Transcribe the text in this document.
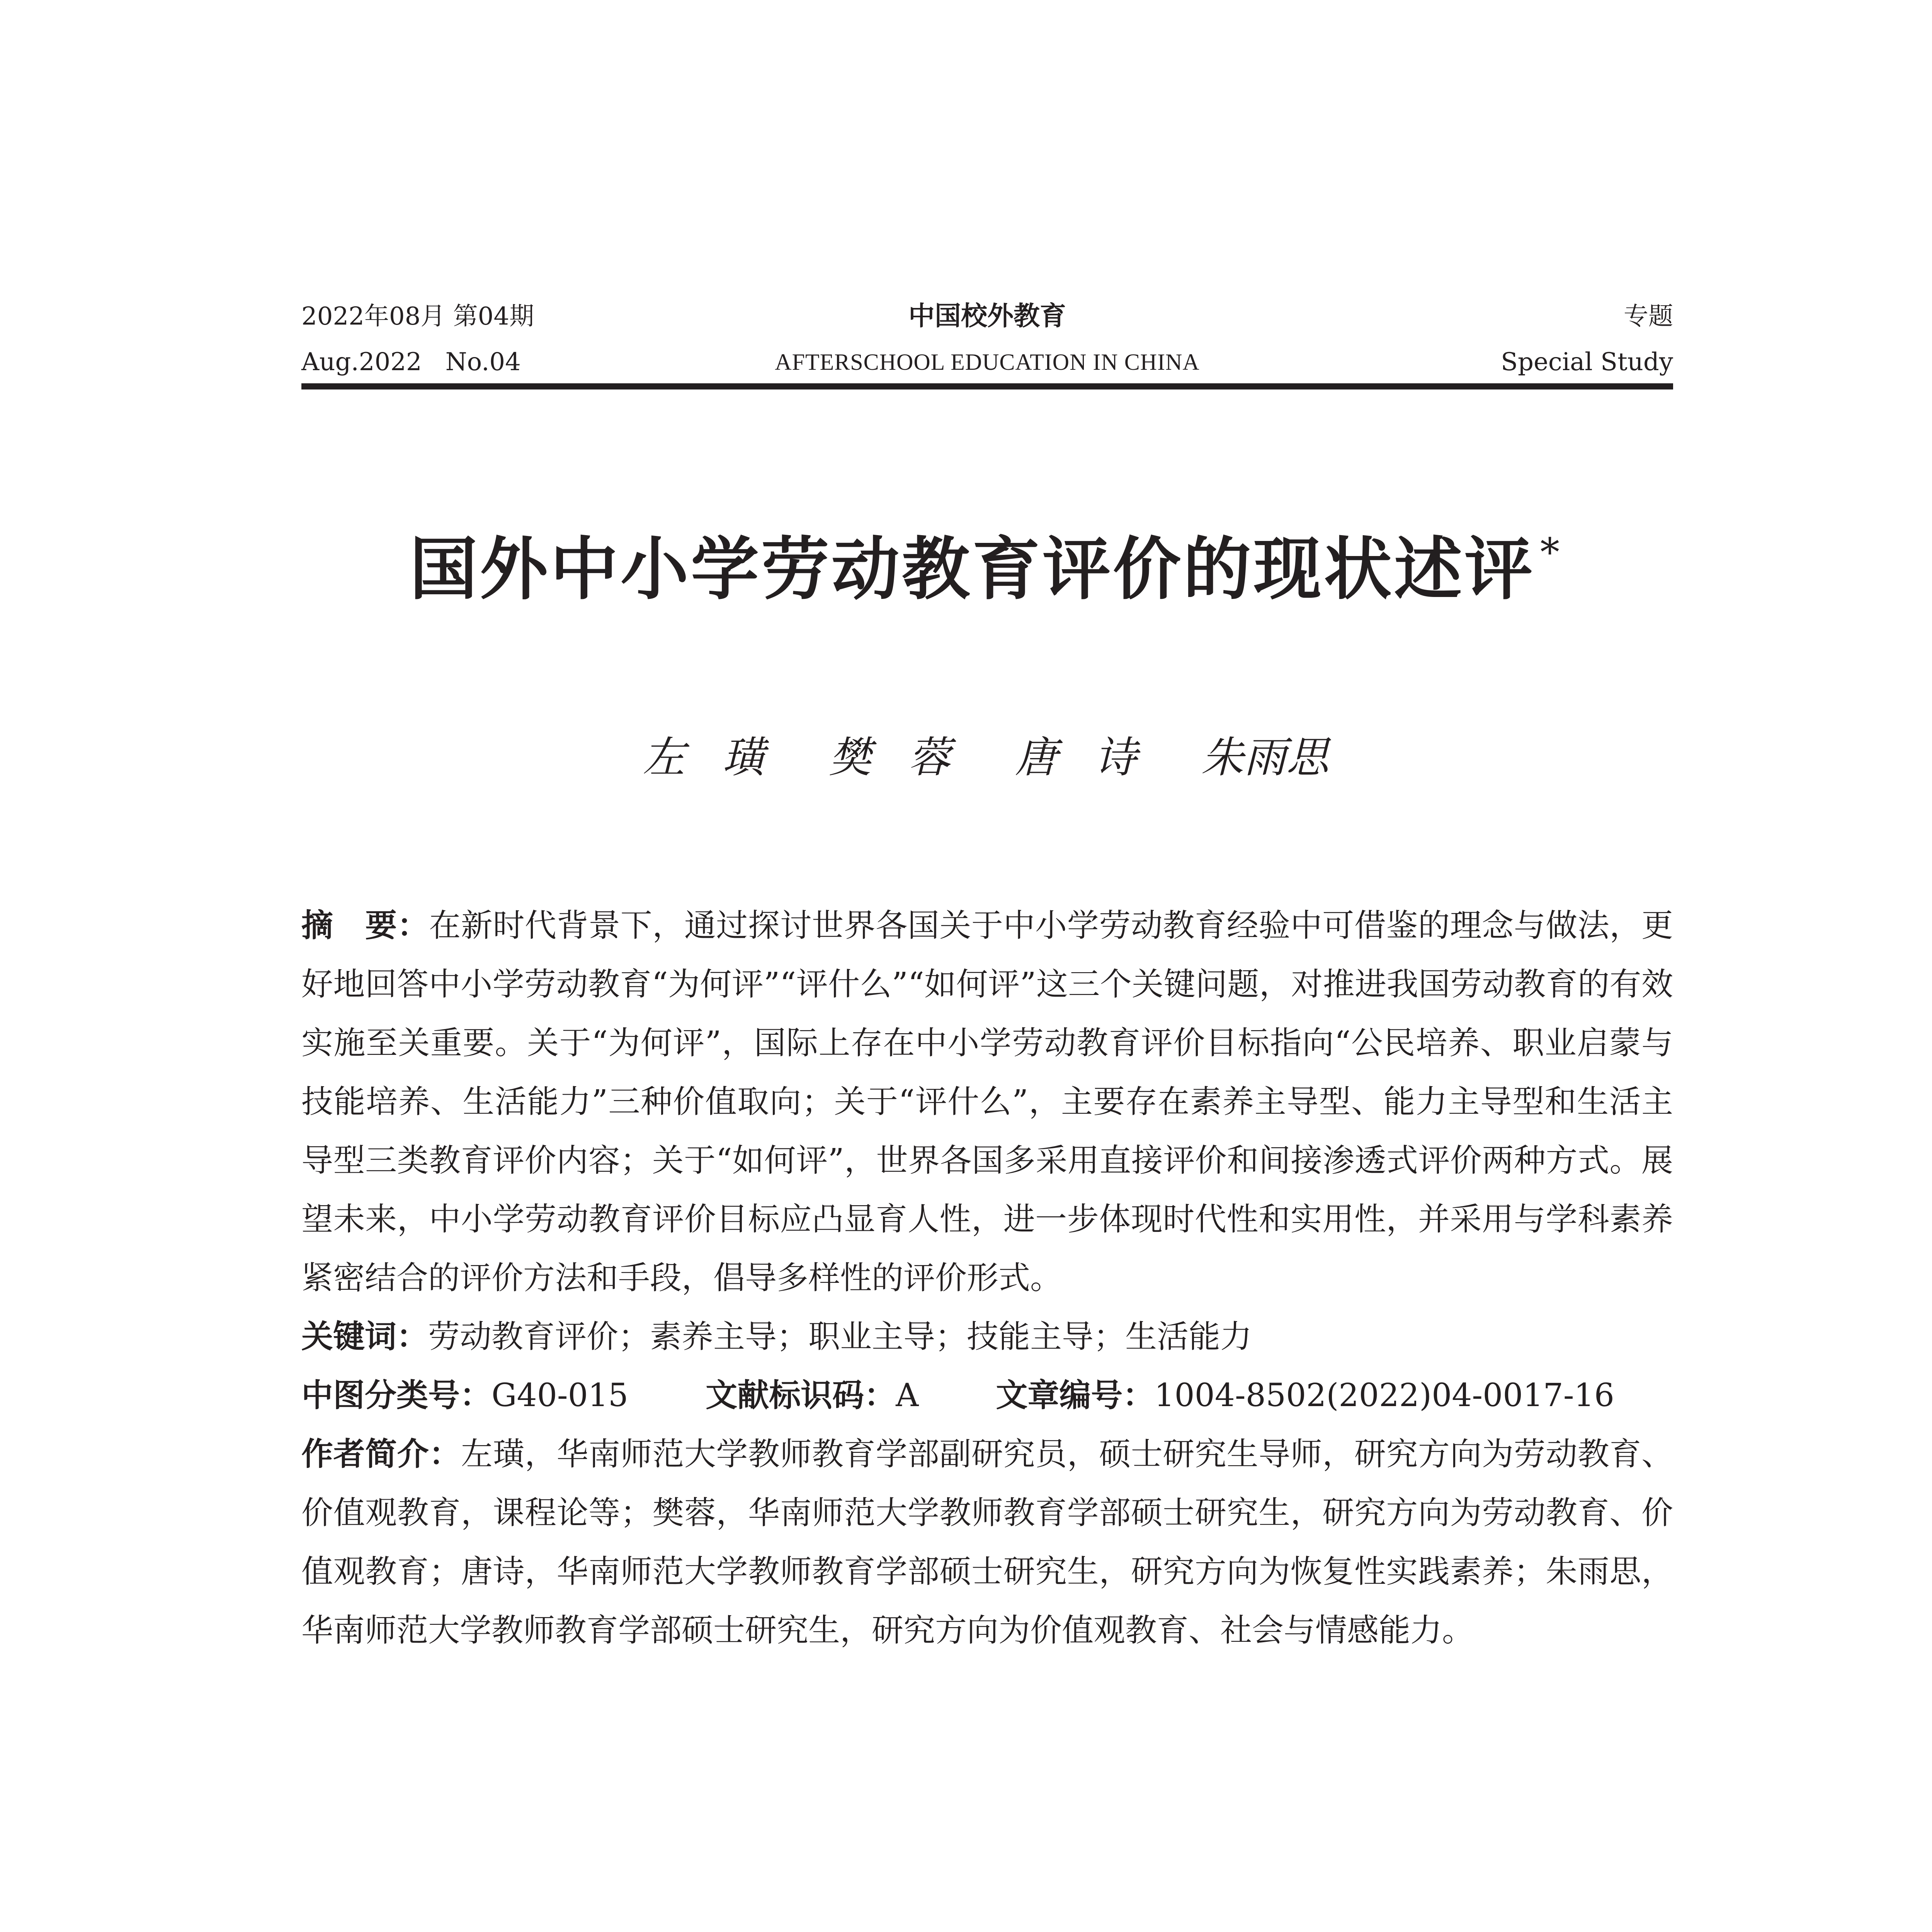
2022年08月 第04期
Aug.2022   No.04
中国校外教育
AFTERSCHOOL EDUCATION IN CHINA
专题
Special Study
国外中小学劳动教育评价的现状述评 *
左 璜 樊 蓉 唐 诗 朱雨思

摘　要：在新时代背景下，通过探讨世界各国关于中小学劳动教育经验中可借鉴的理念与做法，更好地回答中小学劳动教育“为何评”“评什么”“如何评”这三个关键问题，对推进我国劳动教育的有效实施至关重要。关于“为何评”，国际上存在中小学劳动教育评价目标指向“公民培养、职业启蒙与技能培养、生活能力”三种价值取向；关于“评什么”，主要存在素养主导型、能力主导型和生活主导型三类教育评价内容；关于“如何评”，世界各国多采用直接评价和间接渗透式评价两种方式。展望未来，中小学劳动教育评价目标应凸显育人性，进一步体现时代性和实用性，并采用与学科素养紧密结合的评价方法和手段，倡导多样性的评价形式。

关键词：劳动教育评价；素养主导；职业主导；技能主导；生活能力

中图分类号：G40-015 文献标识码：A 文章编号：1004-8502(2022)04-0017-16

作者简介：左璜，华南师范大学教师教育学部副研究员，硕士研究生导师，研究方向为劳动教育、价值观教育，课程论等；樊蓉，华南师范大学教师教育学部硕士研究生，研究方向为劳动教育、价值观教育；唐诗，华南师范大学教师教育学部硕士研究生，研究方向为恢复性实践素养；朱雨思，华南师范大学教师教育学部硕士研究生，研究方向为价值观教育、社会与情感能力。
